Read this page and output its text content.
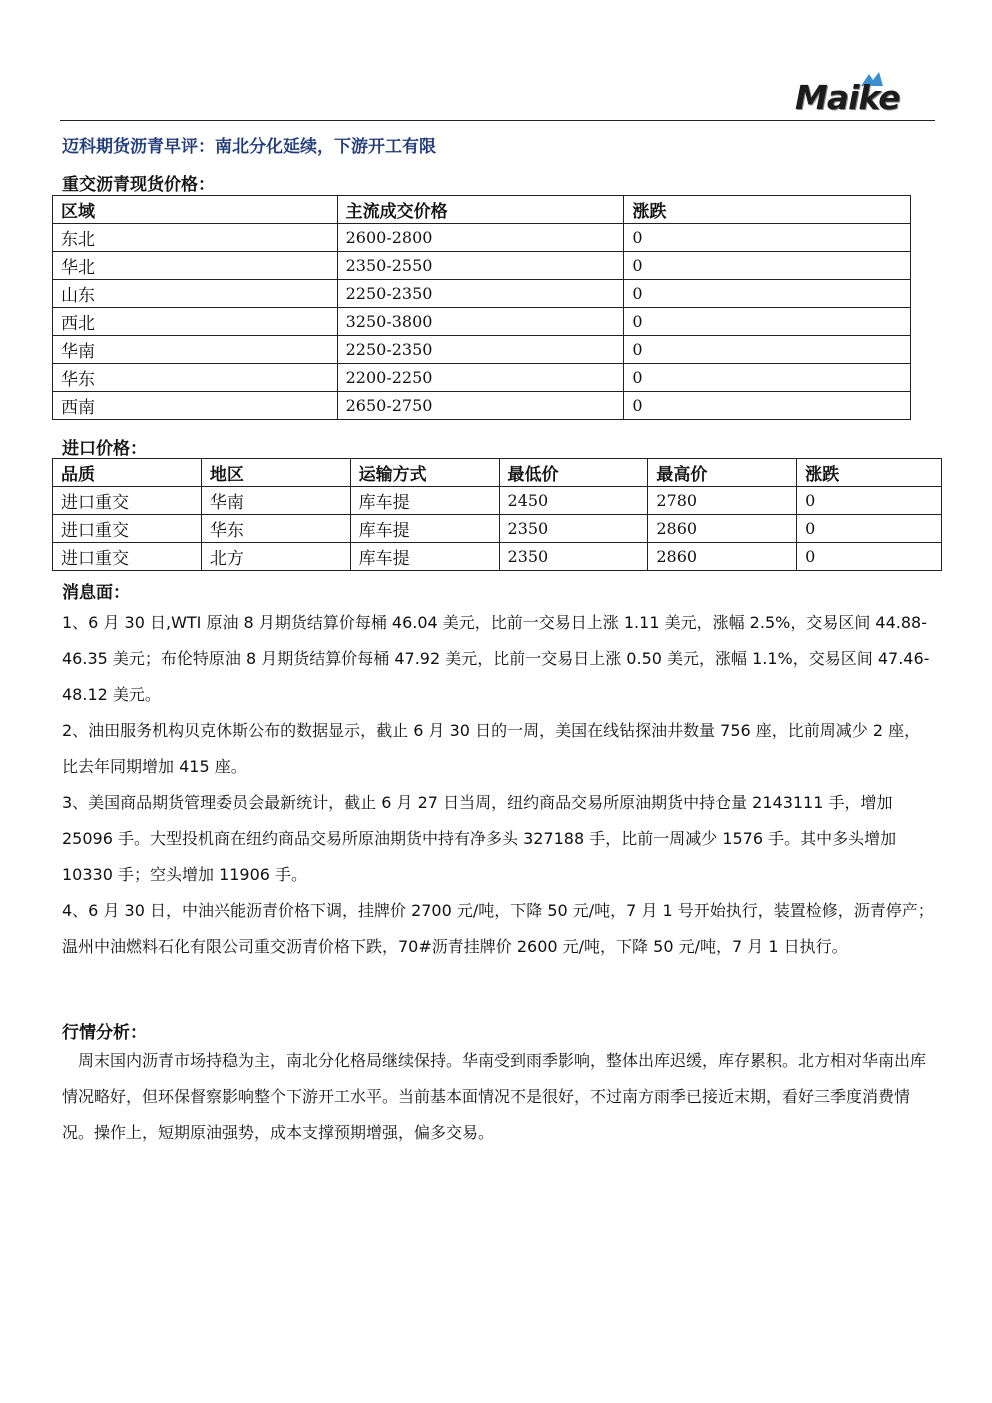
Maike
迈科期货沥青早评：南北分化延续，下游开工有限
重交沥青现货价格：
区域	主流成交价格	涨跌
东北	2600-2800	0
华北	2350-2550	0
山东	2250-2350	0
西北	3250-3800	0
华南	2250-2350	0
华东	2200-2250	0
西南	2650-2750	0
进口价格：
品质	地区	运输方式	最低价	最高价	涨跌
进口重交	华南	库车提	2450	2780	0
进口重交	华东	库车提	2350	2860	0
进口重交	北方	库车提	2350	2860	0
消息面：
1、6 月 30 日,WTI 原油 8 月期货结算价每桶 46.04 美元，比前一交易日上涨 1.11 美元，涨幅 2.5%，交易区间 44.88-46.35 美元；布伦特原油 8 月期货结算价每桶 47.92 美元，比前一交易日上涨 0.50 美元，涨幅 1.1%，交易区间 47.46-48.12 美元。
2、油田服务机构贝克休斯公布的数据显示，截止 6 月 30 日的一周，美国在线钻探油井数量 756 座，比前周减少 2 座，比去年同期增加 415 座。
3、美国商品期货管理委员会最新统计，截止 6 月 27 日当周，纽约商品交易所原油期货中持仓量 2143111 手，增加 25096 手。大型投机商在纽约商品交易所原油期货中持有净多头 327188 手，比前一周减少 1576 手。其中多头增加 10330 手；空头增加 11906 手。
4、6 月 30 日，中油兴能沥青价格下调，挂牌价 2700 元/吨，下降 50 元/吨，7 月 1 号开始执行，装置检修，沥青停产；温州中油燃料石化有限公司重交沥青价格下跌，70#沥青挂牌价 2600 元/吨，下降 50 元/吨，7 月 1 日执行。
行情分析：
　周末国内沥青市场持稳为主，南北分化格局继续保持。华南受到雨季影响，整体出库迟缓，库存累积。北方相对华南出库情况略好，但环保督察影响整个下游开工水平。当前基本面情况不是很好，不过南方雨季已接近末期，看好三季度消费情况。操作上，短期原油强势，成本支撑预期增强，偏多交易。
